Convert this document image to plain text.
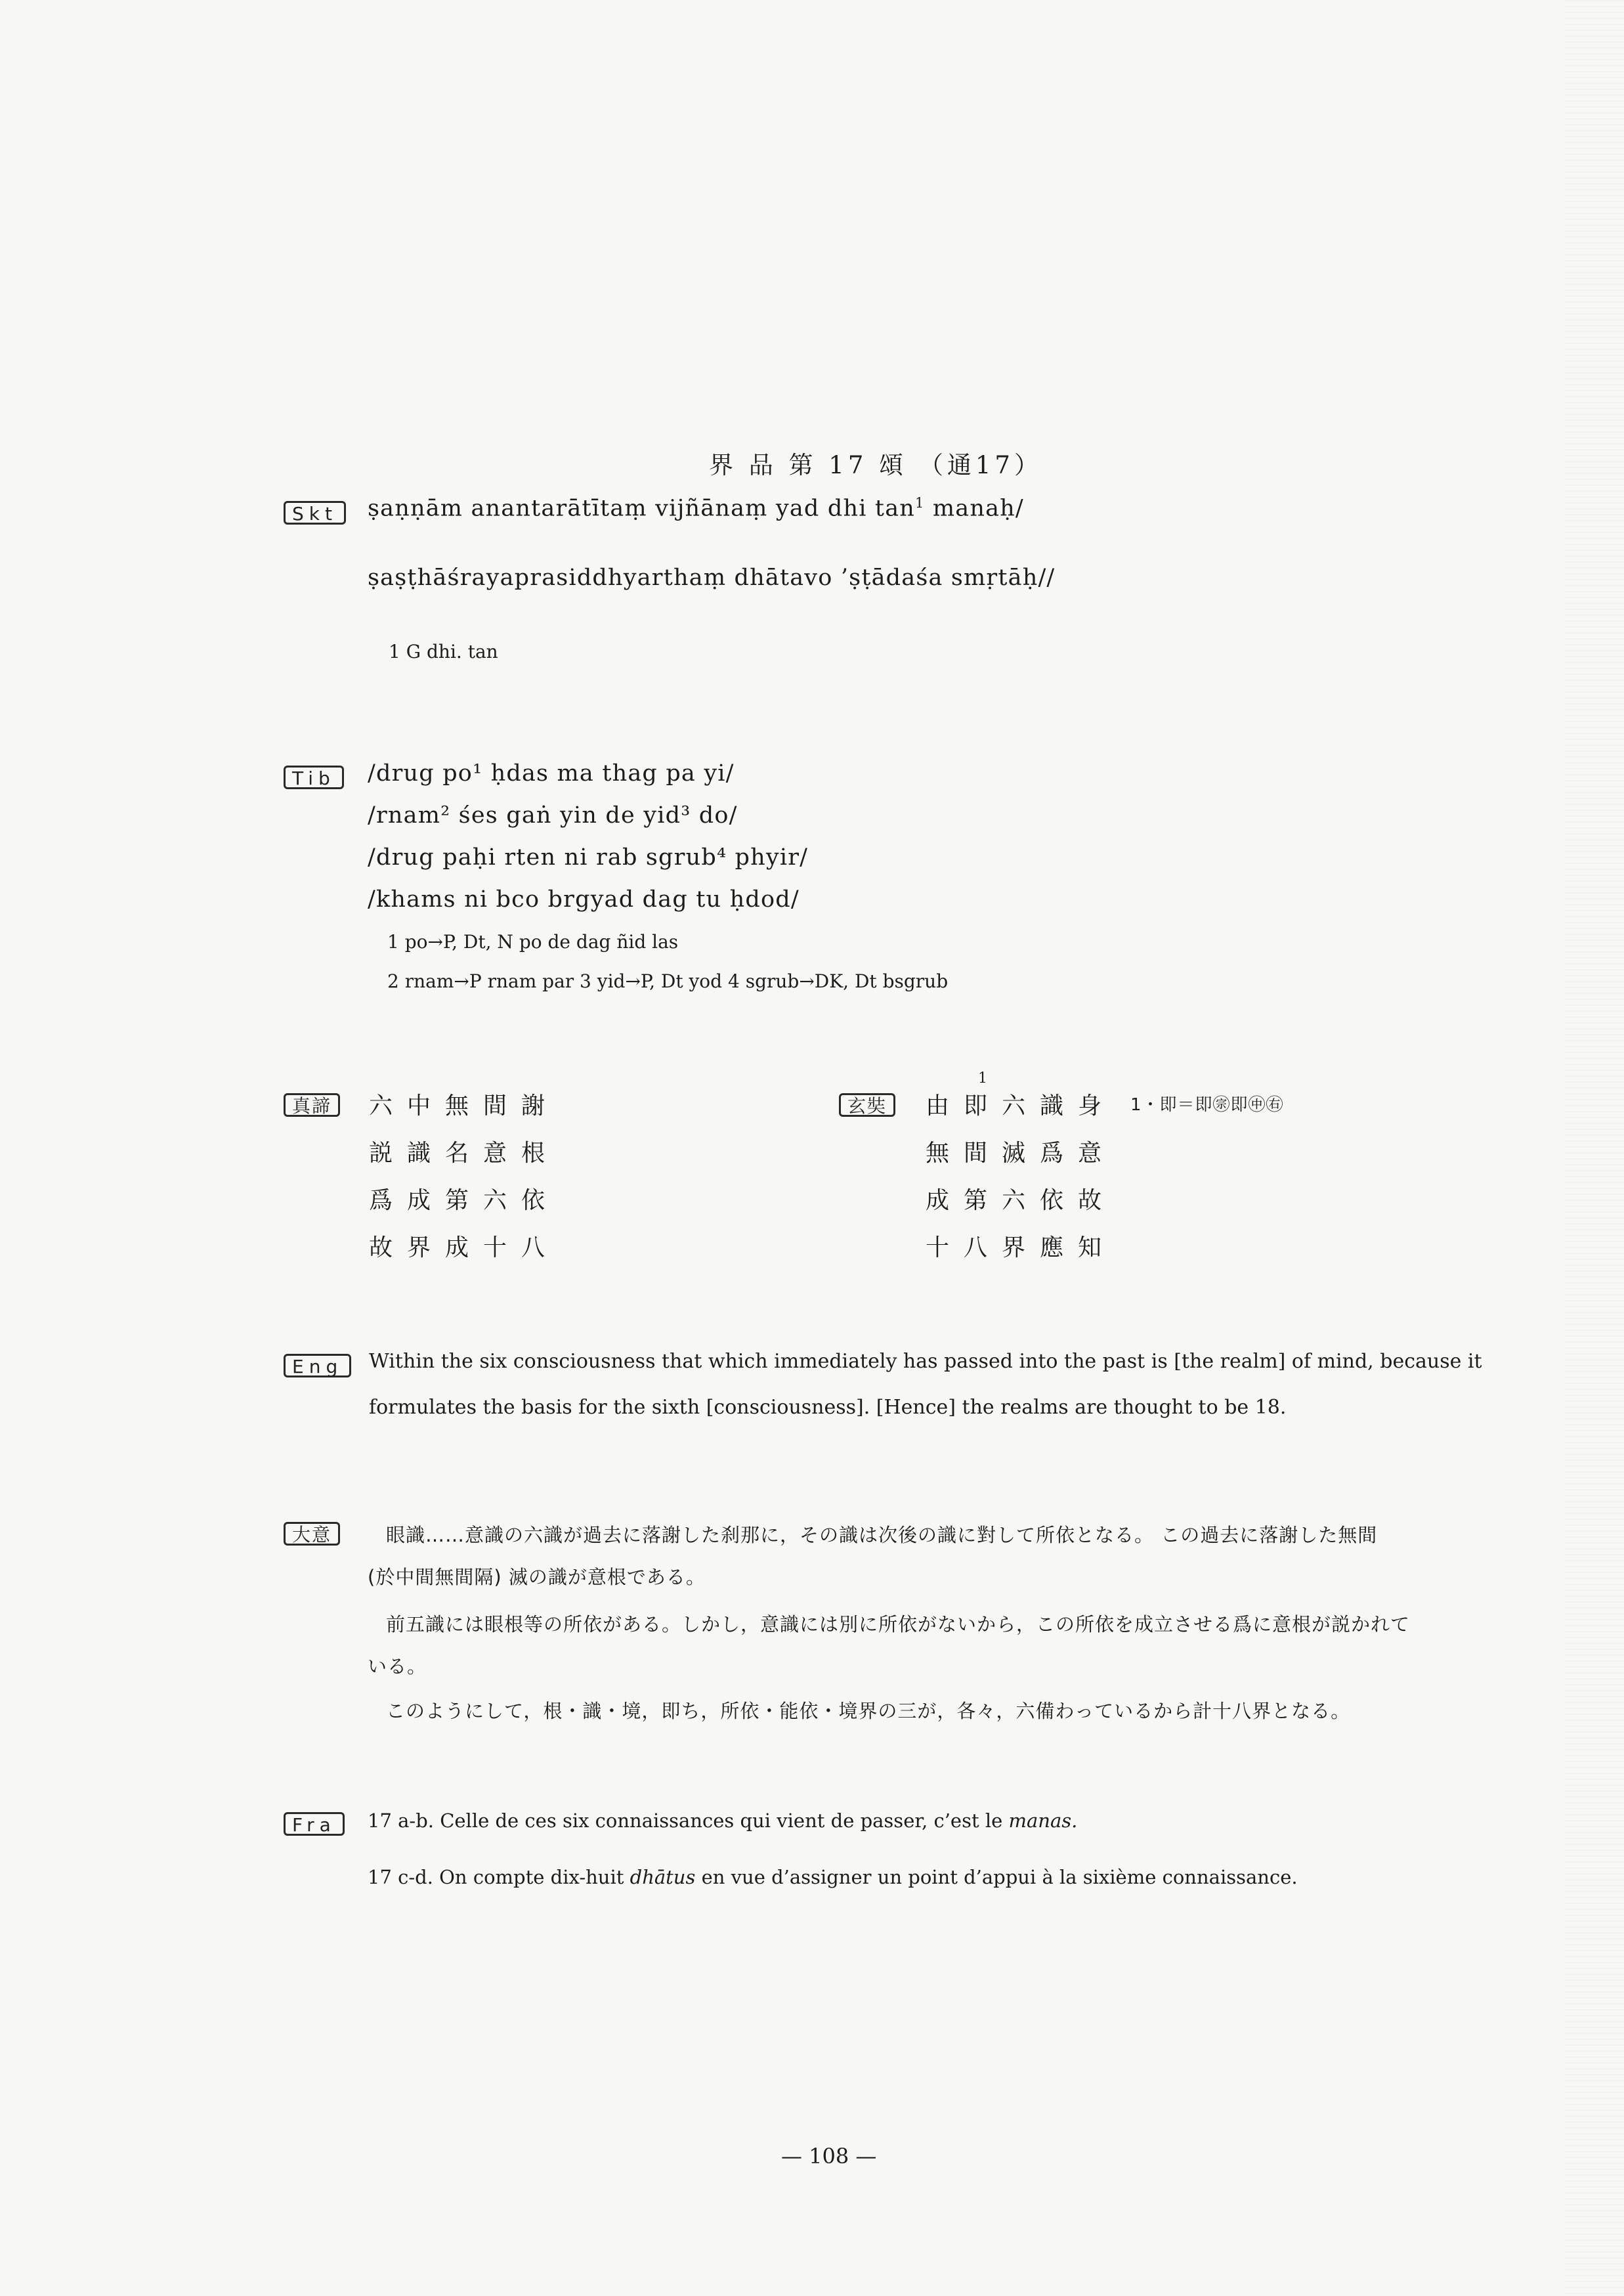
界 品 第 17 頌 （通17）
Skt	ṣaṇṇām anantarātītaṃ vijñānaṃ yad dhi $\tan^1$ manaḥ/
ṣaṣṭhāśrayaprasiddhyarthaṃ dhātavo ’ṣṭādaśa smṛtāḥ//
1 G dhi. tan
Tib	/drug po¹ ḥdas ma thag pa yi/
/rnam² śes gaṅ yin de yid³ do/
/drug paḥi rten ni rab sgrub⁴ phyir/
/khams ni bco brgyad dag tu ḥdod/
1 po→P, Dt, N po de dag ñid las
2 rnam→P rnam par 3 yid→P, Dt yod 4 sgrub→DK, Dt bsgrub
真諦	六中無間謝
説識名意根
爲成第六依
故界成十八
玄奘
1
由即六識身 1・即＝即㊪即㊥㊨
無間滅爲意
成第六依故
十八界應知
Eng	Within the six consciousness that which immediately has passed into the past is [the realm] of mind, because it
formulates the basis for the sixth [consciousness]. [Hence] the realms are thought to be 18.
大意	眼識……意識の六識が過去に落謝した刹那に，その識は次後の識に對して所依となる。 この過去に落謝した無間
(於中間無間隔) 滅の識が意根である。
前五識には眼根等の所依がある。しかし，意識には別に所依がないから，この所依を成立させる爲に意根が説かれて
いる。
このようにして，根・識・境，即ち，所依・能依・境界の三が，各々，六備わっているから計十八界となる。
Fra	17 a-b. Celle de ces six connaissances qui vient de passer, c’est le manas.
17 c-d. On compte dix-huit dhātus en vue d’assigner un point d’appui à la sixième connaissance.
— 108 —
